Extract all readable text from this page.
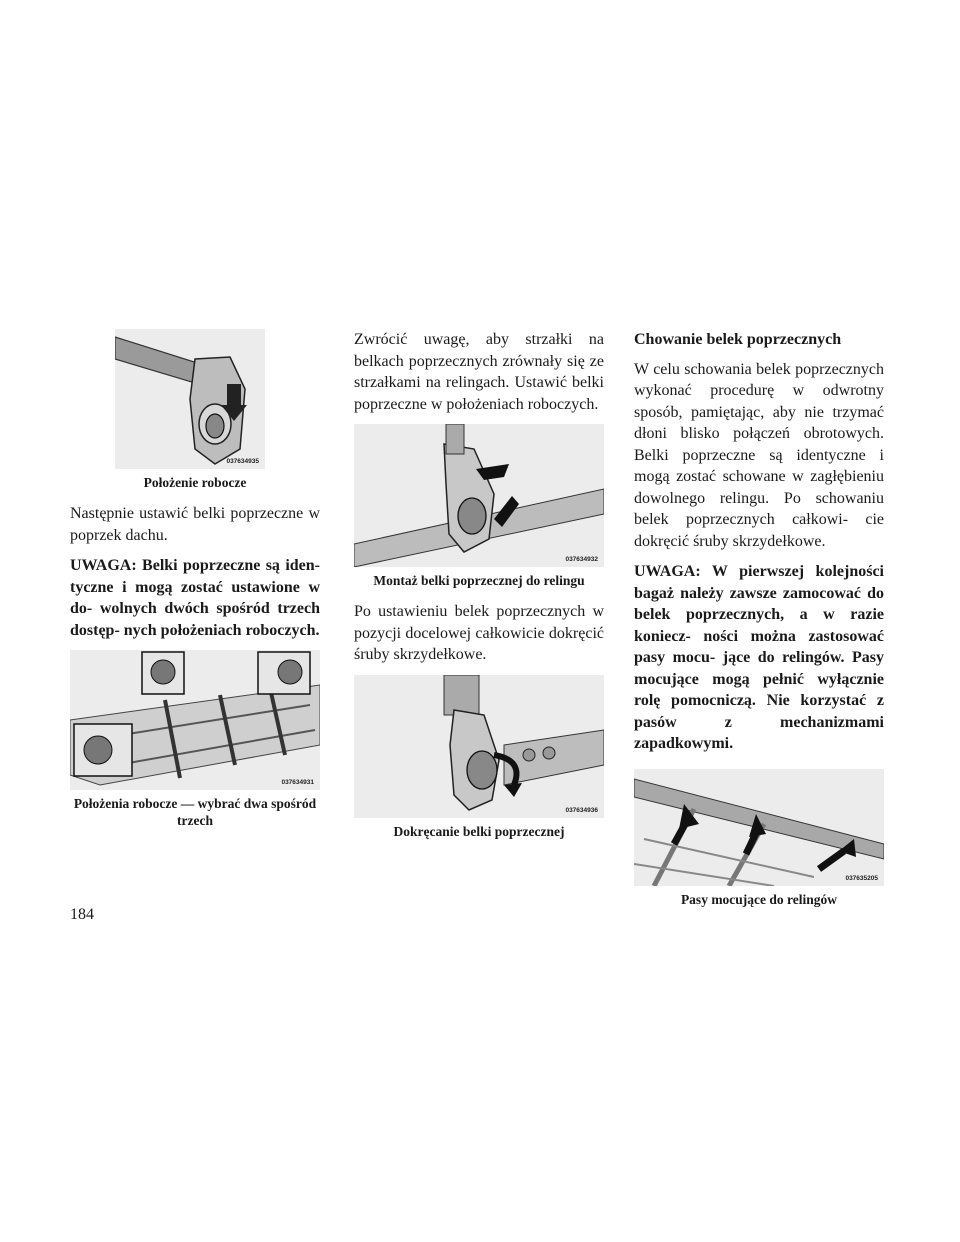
037634935
Położenie robocze

Następnie ustawić belki poprzeczne w poprzek dachu.

UWAGA: Belki poprzeczne są iden- tyczne i mogą zostać ustawione w do- wolnych dwóch spośród trzech dostęp- nych położeniach roboczych.

037634931
Położenia robocze — wybrać dwa spośród trzech

Zwrócić uwagę, aby strzałki na belkach poprzecznych zrównały się ze strzałkami na relingach. Ustawić belki poprzeczne w położeniach roboczych.

037634932
Montaż belki poprzecznej do relingu

Po ustawieniu belek poprzecznych w pozycji docelowej całkowicie dokręcić śruby skrzydełkowe.

037634936
Dokręcanie belki poprzecznej
Chowanie belek poprzecznych

W celu schowania belek poprzecznych wykonać procedurę w odwrotny sposób, pamiętając, aby nie trzymać dłoni blisko połączeń obrotowych. Belki poprzeczne są identyczne i mogą zostać schowane w zagłębieniu dowolnego relingu. Po schowaniu belek poprzecznych całkowi- cie dokręcić śruby skrzydełkowe.

UWAGA: W pierwszej kolejności bagaż należy zawsze zamocować do belek poprzecznych, a w razie koniecz- ności można zastosować pasy mocu- jące do relingów. Pasy mocujące mogą pełnić wyłącznie rolę pomocniczą. Nie korzystać z pasów z mechanizmami zapadkowymi.

037635205
Pasy mocujące do relingów
184
